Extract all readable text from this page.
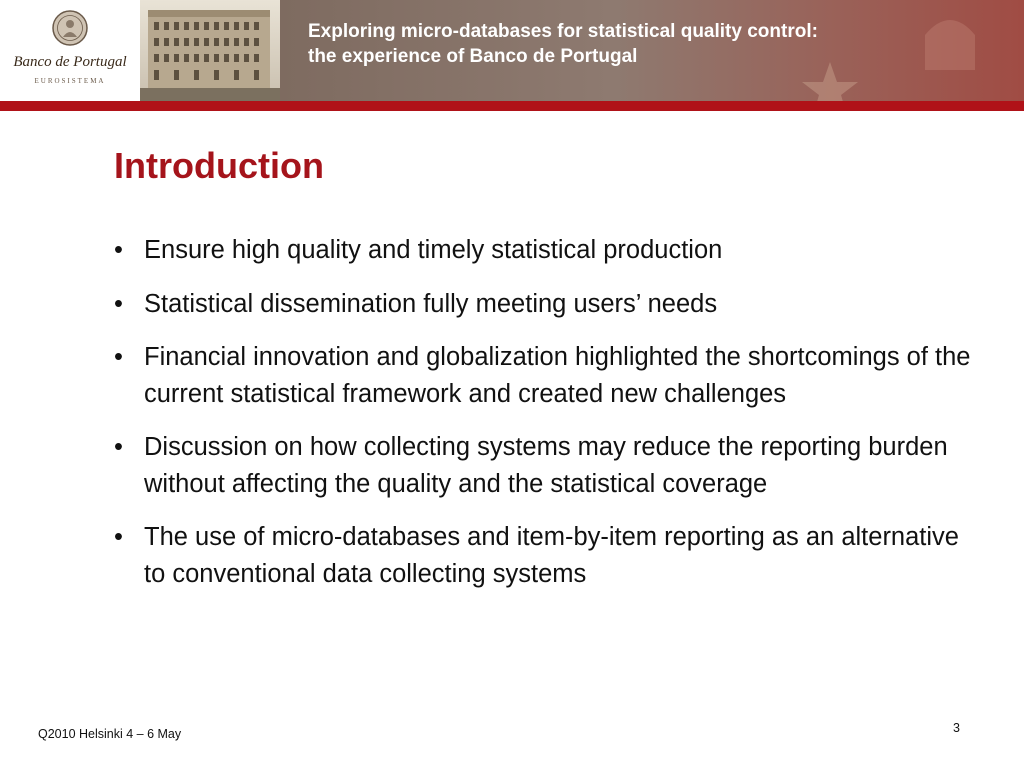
Banco de Portugal
EUROSISTEMA
Exploring micro-databases for statistical quality control:
the experience of Banco de Portugal
Introduction
• Ensure high quality and timely statistical production
• Statistical dissemination fully meeting users’ needs
• Financial innovation and globalization highlighted the shortcomings of the current statistical framework and created new challenges
• Discussion on how collecting systems may reduce the reporting burden without affecting the quality and the statistical coverage
• The use of micro-databases and item-by-item reporting as an alternative to conventional data collecting systems
Q2010 Helsinki 4 – 6 May	3
